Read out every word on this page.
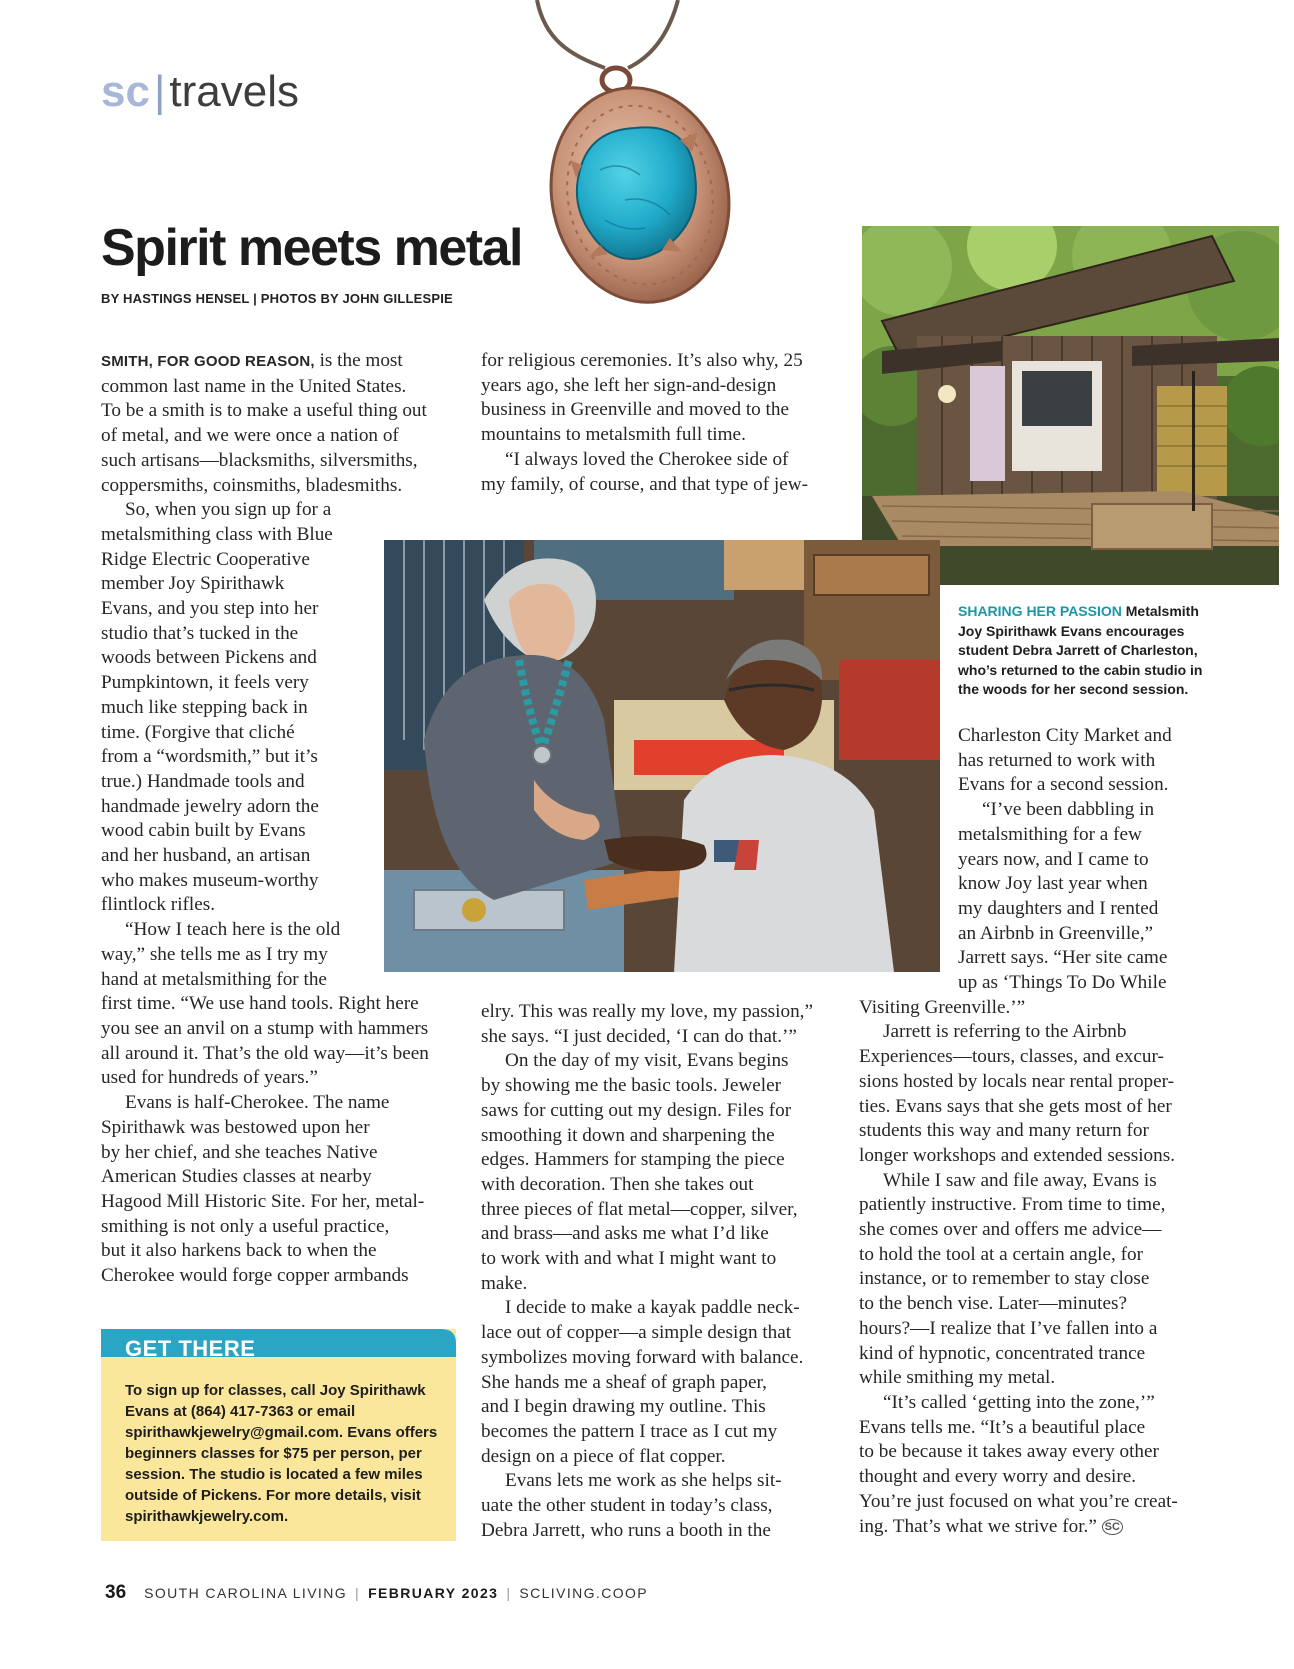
sc|travels
Spirit meets metal
BY HASTINGS HENSEL | PHOTOS BY JOHN GILLESPIE

SMITH, FOR GOOD REASON, is the most

common last name in the United States.

To be a smith is to make a useful thing out

of metal, and we were once a nation of

such artisans—blacksmiths, silversmiths,

coppersmiths, coinsmiths, bladesmiths.

So, when you sign up for a

metalsmithing class with Blue

Ridge Electric Cooperative

member Joy Spirithawk

Evans, and you step into her

studio that’s tucked in the

woods between Pickens and

Pumpkintown, it feels very

much like stepping back in

time. (Forgive that cliché

from a “wordsmith,” but it’s

true.) Handmade tools and

handmade jewelry adorn the

wood cabin built by Evans

and her husband, an artisan

who makes museum-worthy

flintlock rifles.

“How I teach here is the old

way,” she tells me as I try my

hand at metalsmithing for the

first time. “We use hand tools. Right here

you see an anvil on a stump with hammers

all around it. That’s the old way—it’s been

used for hundreds of years.”

Evans is half-Cherokee. The name

Spirithawk was bestowed upon her

by her chief, and she teaches Native

American Studies classes at nearby

Hagood Mill Historic Site. For her, metal-

smithing is not only a useful practice,

but it also harkens back to when the

Cherokee would forge copper armbands

for religious ceremonies. It’s also why, 25

years ago, she left her sign-and-design

business in Greenville and moved to the

mountains to metalsmith full time.

“I always loved the Cherokee side of

my family, of course, and that type of jew-

elry. This was really my love, my passion,”

she says. “I just decided, ‘I can do that.’”

On the day of my visit, Evans begins

by showing me the basic tools. Jeweler

saws for cutting out my design. Files for

smoothing it down and sharpening the

edges. Hammers for stamping the piece

with decoration. Then she takes out

three pieces of flat metal—copper, silver,

and brass—and asks me what I’d like

to work with and what I might want to

make.

I decide to make a kayak paddle neck-

lace out of copper—a simple design that

symbolizes moving forward with balance.

She hands me a sheaf of graph paper,

and I begin drawing my outline. This

becomes the pattern I trace as I cut my

design on a piece of flat copper.

Evans lets me work as she helps sit-

uate the other student in today’s class,

Debra Jarrett, who runs a booth in the

SHARING HER PASSION Metalsmith
Joy Spirithawk Evans encourages
student Debra Jarrett of Charleston,
who’s returned to the cabin studio in
the woods for her second session.

Charleston City Market and

has returned to work with

Evans for a second session.

“I’ve been dabbling in

metalsmithing for a few

years now, and I came to

know Joy last year when

my daughters and I rented

an Airbnb in Greenville,”

Jarrett says. “Her site came

up as ‘Things To Do While

Visiting Greenville.’”

Jarrett is referring to the Airbnb

Experiences—tours, classes, and excur-

sions hosted by locals near rental proper-

ties. Evans says that she gets most of her

students this way and many return for

longer workshops and extended sessions.

While I saw and file away, Evans is

patiently instructive. From time to time,

she comes over and offers me advice—

to hold the tool at a certain angle, for

instance, or to remember to stay close

to the bench vise. Later—minutes?

hours?—I realize that I’ve fallen into a

kind of hypnotic, concentrated trance

while smithing my metal.

“It’s called ‘getting into the zone,’”

Evans tells me. “It’s a beautiful place

to be because it takes away every other

thought and every worry and desire.

You’re just focused on what you’re creat-

ing. That’s what we strive for.” SC

GET THERE

To sign up for classes, call Joy Spirithawk

Evans at (864) 417-7363 or email

spirithawkjewelry@gmail.com. Evans offers

beginners classes for $75 per person, per

session. The studio is located a few miles

outside of Pickens. For more details, visit

spirithawkjewelry.com.

36 SOUTH CAROLINA LIVING | FEBRUARY 2023 | SCLIVING.COOP
